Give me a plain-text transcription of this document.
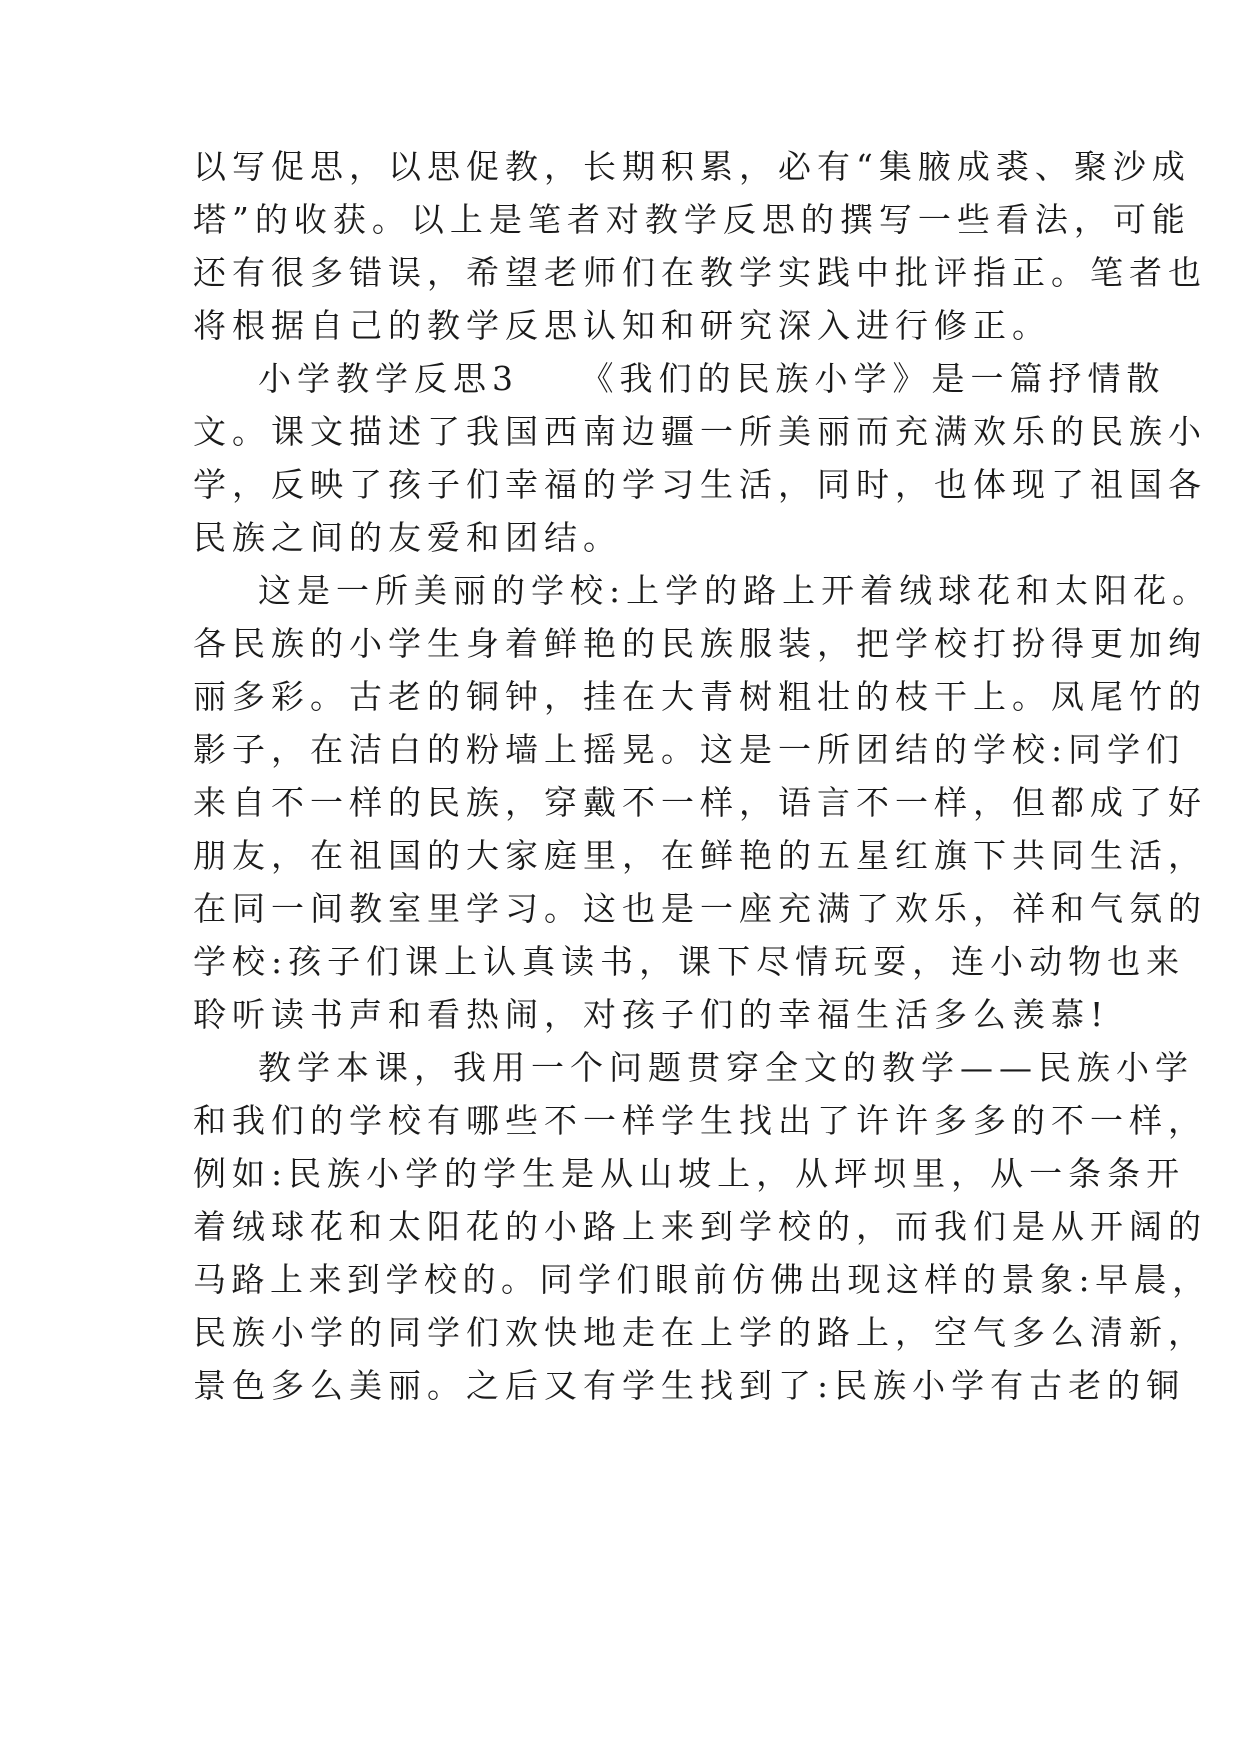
以写促思，以思促教，长期积累，必有“集腋成裘、聚沙成
塔”的收获。以上是笔者对教学反思的撰写一些看法，可能
还有很多错误，希望老师们在教学实践中批评指正。笔者也
将根据自己的教学反思认知和研究深入进行修正。
小学教学反思3　　《我们的民族小学》是一篇抒情散
文。课文描述了我国西南边疆一所美丽而充满欢乐的民族小
学，反映了孩子们幸福的学习生活，同时，也体现了祖国各
民族之间的友爱和团结。
这是一所美丽的学校:上学的路上开着绒球花和太阳花。
各民族的小学生身着鲜艳的民族服装，把学校打扮得更加绚
丽多彩。古老的铜钟，挂在大青树粗壮的枝干上。凤尾竹的
影子，在洁白的粉墙上摇晃。这是一所团结的学校:同学们
来自不一样的民族，穿戴不一样，语言不一样，但都成了好
朋友，在祖国的大家庭里，在鲜艳的五星红旗下共同生活，
在同一间教室里学习。这也是一座充满了欢乐，祥和气氛的
学校:孩子们课上认真读书，课下尽情玩耍，连小动物也来
聆听读书声和看热闹，对孩子们的幸福生活多么羡慕!
教学本课，我用一个问题贯穿全文的教学——民族小学
和我们的学校有哪些不一样学生找出了许许多多的不一样，
例如:民族小学的学生是从山坡上，从坪坝里，从一条条开
着绒球花和太阳花的小路上来到学校的，而我们是从开阔的
马路上来到学校的。同学们眼前仿佛出现这样的景象:早晨，
民族小学的同学们欢快地走在上学的路上，空气多么清新，
景色多么美丽。之后又有学生找到了:民族小学有古老的铜
